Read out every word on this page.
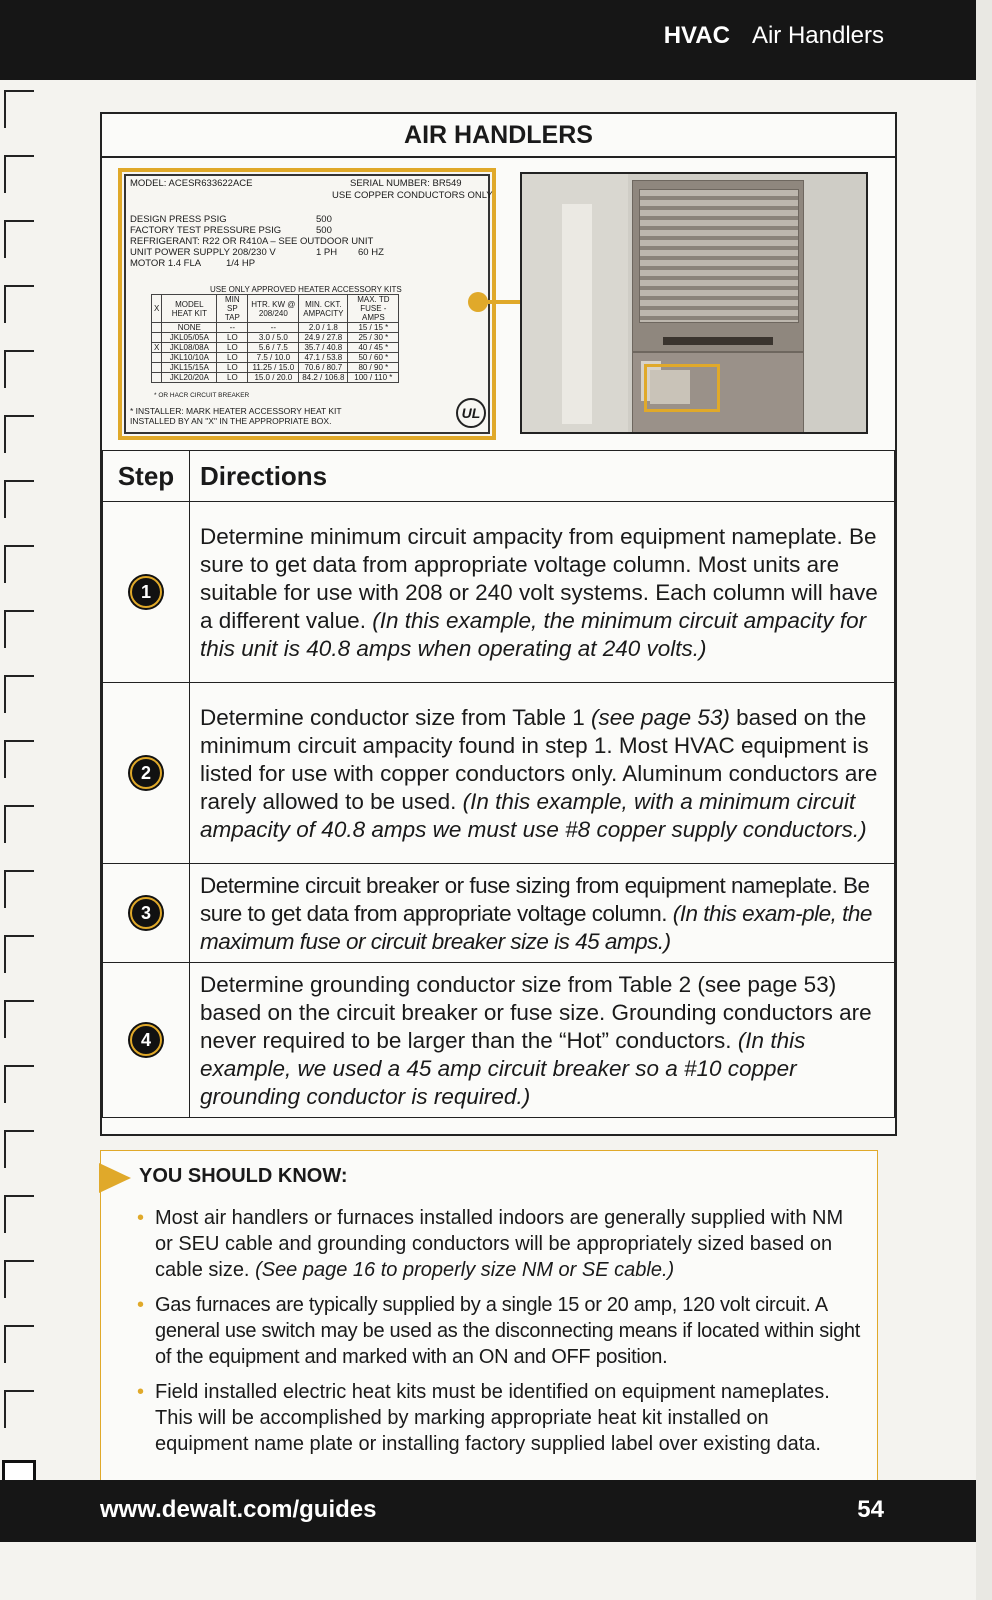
HVAC Air Handlers
AIR HANDLERS
MODEL: ACESR633622ACE	SERIAL NUMBER: BR549
USE COPPER CONDUCTORS ONLY
DESIGN PRESS PSIG	500
FACTORY TEST PRESSURE PSIG	500
REFRIGERANT: R22 OR R410A – SEE OUTDOOR UNIT
UNIT POWER SUPPLY 208/230 V	1 PH 60 HZ
MOTOR 1.4 FLA	1/4 HP
USE ONLY APPROVED HEATER ACCESSORY KITS
X	MODEL HEAT KIT	MIN SP TAP	HTR. KW @ 208/240	MIN. CKT. AMPACITY	MAX. TD FUSE - AMPS
	NONE	--	--	2.0 / 1.8	15 / 15 *
	JKL05/05A	LO	3.0 / 5.0	24.9 / 27.8	25 / 30 *
X	JKL08/08A	LO	5.6 / 7.5	35.7 / 40.8	40 / 45 *
	JKL10/10A	LO	7.5 / 10.0	47.1 / 53.8	50 / 60 *
	JKL15/15A	LO	11.25 / 15.0	70.6 / 80.7	80 / 90 *
	JKL20/20A	LO	15.0 / 20.0	84.2 / 106.8	100 / 110 *
* OR HACR CIRCUIT BREAKER
* INSTALLER: MARK HEATER ACCESSORY HEAT KIT
INSTALLED BY AN "X" IN THE APPROPRIATE BOX.	UL
Step	Directions
1	Determine minimum circuit ampacity from equipment nameplate. Be sure to get data from appropriate voltage column. Most units are suitable for use with 208 or 240 volt systems. Each column will have a different value. (In this example, the minimum circuit ampacity for this unit is 40.8 amps when operating at 240 volts.)
2	Determine conductor size from Table 1 (see page 53) based on the minimum circuit ampacity found in step 1. Most HVAC equipment is listed for use with copper conductors only. Aluminum conductors are rarely allowed to be used. (In this example, with a minimum circuit ampacity of 40.8 amps we must use #8 copper supply conductors.)
3	Determine circuit breaker or fuse sizing from equipment nameplate. Be sure to get data from appropriate voltage column. (In this exam-ple, the maximum fuse or circuit breaker size is 45 amps.)
4	Determine grounding conductor size from Table 2 (see page 53) based on the circuit breaker or fuse size. Grounding conductors are never required to be larger than the “Hot” conductors. (In this example, we used a 45 amp circuit breaker so a #10 copper grounding conductor is required.)
YOU SHOULD KNOW:
• Most air handlers or furnaces installed indoors are generally supplied with NM or SEU cable and grounding conductors will be appropriately sized based on cable size. (See page 16 to properly size NM or SE cable.)
• Gas furnaces are typically supplied by a single 15 or 20 amp, 120 volt circuit. A general use switch may be used as the disconnecting means if located within sight of the equipment and marked with an ON and OFF position.
• Field installed electric heat kits must be identified on equipment nameplates. This will be accomplished by marking appropriate heat kit installed on equipment name plate or installing factory supplied label over existing data.
www.dewalt.com/guides	54
